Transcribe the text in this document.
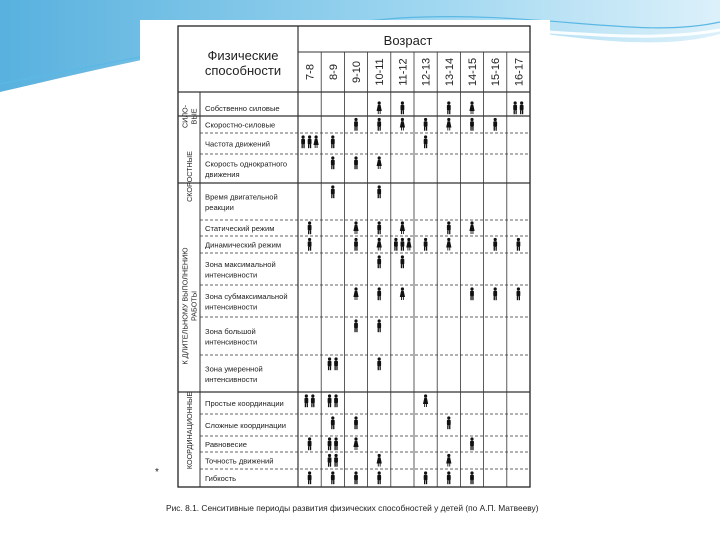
Физические
способности
Возраст
7-8 8-9 9-10 10-11 11-12 12-13 13-14 14-15 15-16 16-17
Собственно силовые
Скоростно-силовые
Частота движений
Скорость однократного
движения
Время двигательной
реакции
Статический режим
Динамический режим
Зона максимальной
интенсивности
Зона субмаксимальной
интенсивности
Зона большой
интенсивности
Зона умеренной
интенсивности
Простые координации
Сложные координации
Равновесие
Точность движений
Гибкость
СИЛО- ВЫЕ
СКОРОСТНЫЕ
К ДЛИТЕЛЬНОМУ ВЫПОЛНЕНИЮ РАБОТЫ
КООРДИНАЦИОННЫЕ
Рис. 8.1. Сенситивные периоды развития физических способностей у детей (по А.П. Матвееву)
*
